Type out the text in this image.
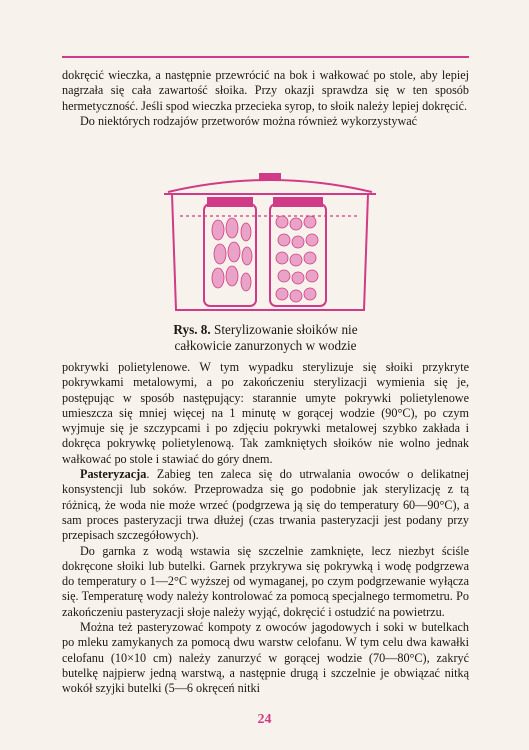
dokręcić wieczka, a następnie przewrócić na bok i wałkować po stole, aby lepiej nagrzała się cała zawartość słoika. Przy okazji sprawdza się w ten sposób hermetyczność. Jeśli spod wieczka przecieka syrop, to słoik należy lepiej dokręcić.

Do niektórych rodzajów przetworów można również wykorzystywać

Rys. 8. Sterylizowanie słoików nie
całkowicie zanurzonych w wodzie

pokrywki polietylenowe. W tym wypadku sterylizuje się słoiki przykryte pokrywkami metalowymi, a po zakończeniu sterylizacji wymienia się je, postępując w sposób następujący: starannie umyte pokrywki polietylenowe umieszcza się mniej więcej na 1 minutę w gorącej wodzie (90°C), po czym wyjmuje się je szczypcami i po zdjęciu pokrywki metalowej szybko zakłada i dokręca pokrywkę polietylenową. Tak zamkniętych słoików nie wolno jednak wałkować po stole i stawiać do góry dnem.

Pasteryzacja. Zabieg ten zaleca się do utrwalania owoców o delikatnej konsystencji lub soków. Przeprowadza się go podobnie jak sterylizację z tą różnicą, że woda nie może wrzeć (podgrzewa ją się do temperatury 60—90°C), a sam proces pasteryzacji trwa dłużej (czas trwania pasteryzacji jest podany przy przepisach szczegółowych).

Do garnka z wodą wstawia się szczelnie zamknięte, lecz niezbyt ściśle dokręcone słoiki lub butelki. Garnek przykrywa się pokrywką i wodę podgrzewa do temperatury o 1—2°C wyższej od wymaganej, po czym podgrzewanie wyłącza się. Temperaturę wody należy kontrolować za pomocą specjalnego termometru. Po zakończeniu pasteryzacji słoje należy wyjąć, dokręcić i ostudzić na powietrzu.

Można też pasteryzować kompoty z owoców jagodowych i soki w butelkach po mleku zamykanych za pomocą dwu warstw celofanu. W tym celu dwa kawałki celofanu (10×10 cm) należy zanurzyć w gorącej wodzie (70—80°C), zakryć butelkę najpierw jedną warstwą, a następnie drugą i szczelnie je obwiązać nitką wokół szyjki butelki (5—6 okręceń nitki

24
